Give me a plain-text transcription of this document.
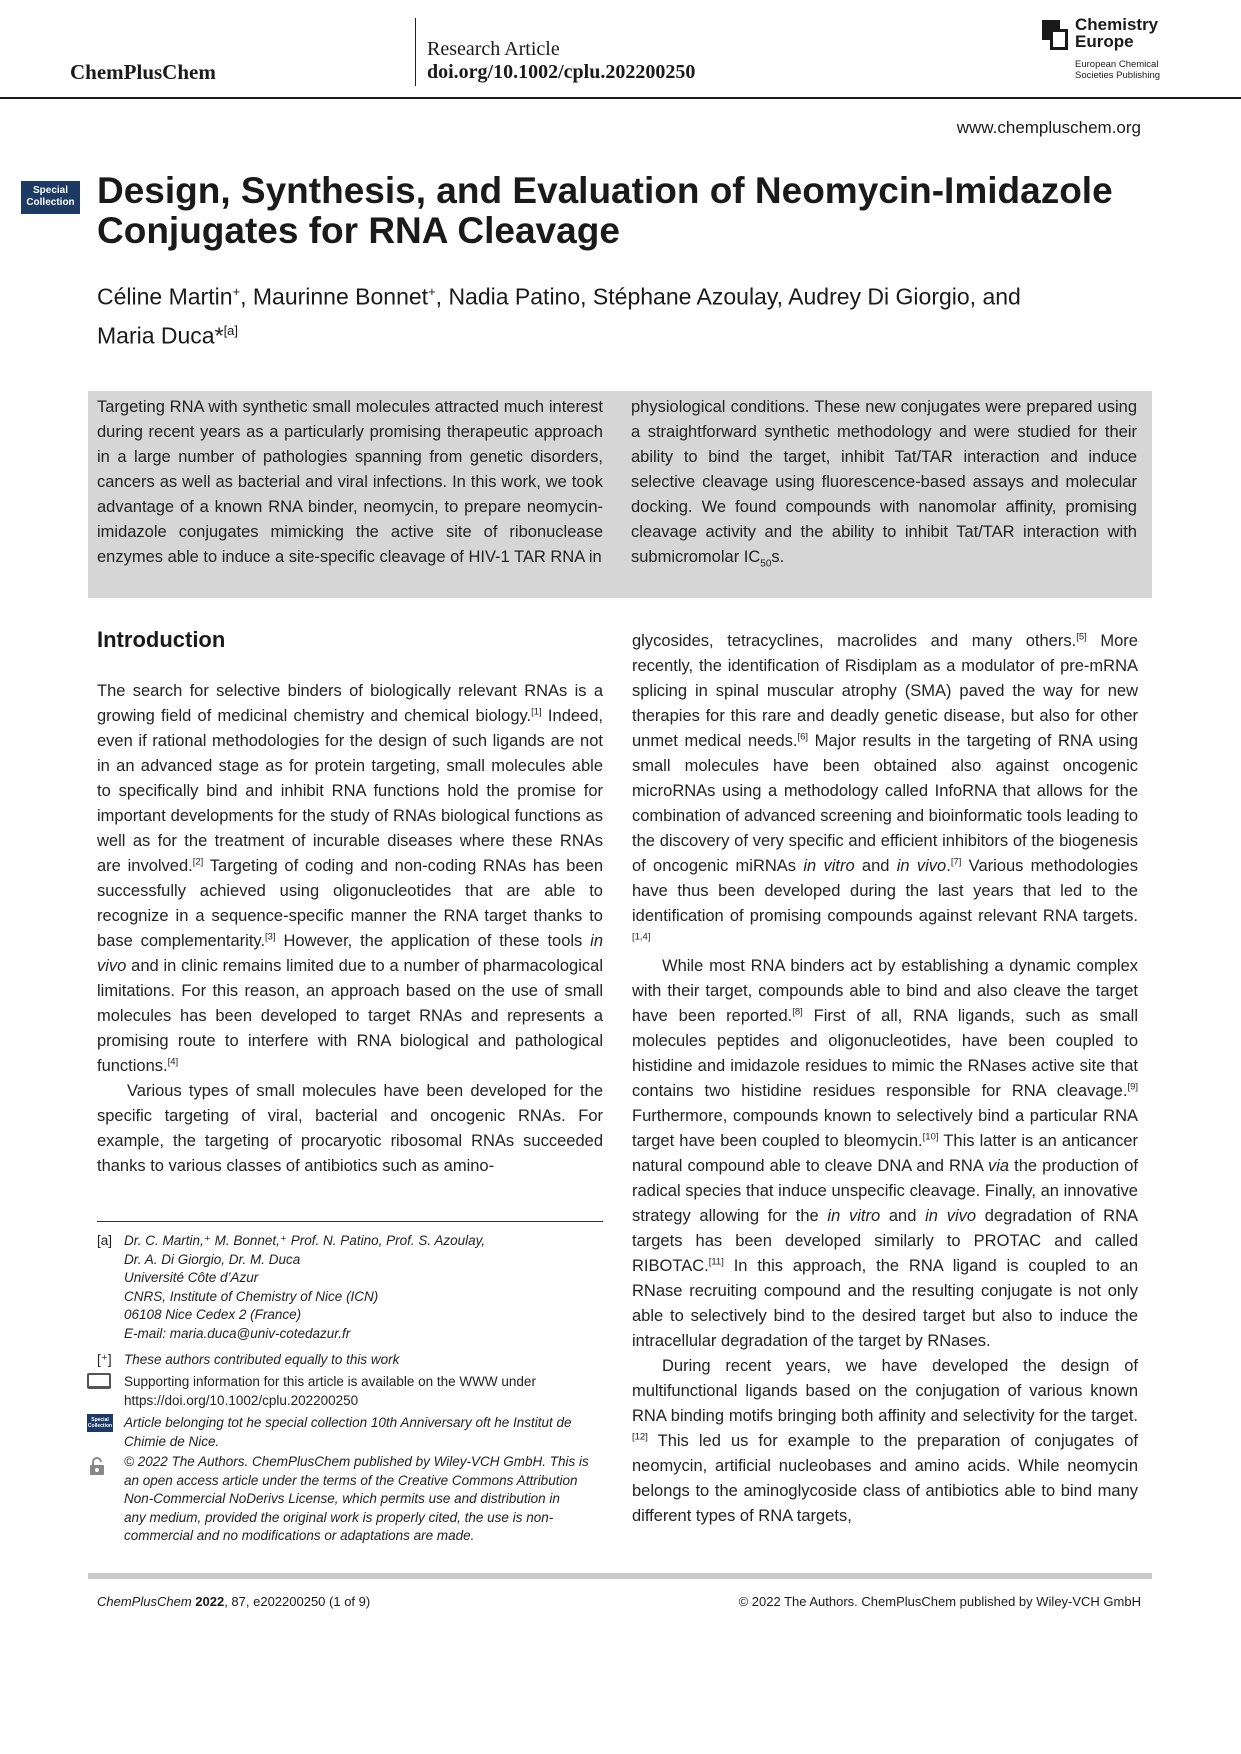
ChemPlusChem
Research Article
doi.org/10.1002/cplu.202200250
Chemistry
Europe
European Chemical
Societies Publishing
www.chempluschem.org
Special
Collection Design, Synthesis, and Evaluation of Neomycin-Imidazole Conjugates for RNA Cleavage
Céline Martin+, Maurinne Bonnet+, Nadia Patino, Stéphane Azoulay, Audrey Di Giorgio, and
Maria Duca*[a]
Targeting RNA with synthetic small molecules attracted much interest during recent years as a particularly promising therapeutic approach in a large number of pathologies spanning from genetic disorders, cancers as well as bacterial and viral infections. In this work, we took advantage of a known RNA binder, neomycin, to prepare neomycin-imidazole conjugates mimicking the active site of ribonuclease enzymes able to induce a site-specific cleavage of HIV-1 TAR RNA in
physiological conditions. These new conjugates were prepared using a straightforward synthetic methodology and were studied for their ability to bind the target, inhibit Tat/TAR interaction and induce selective cleavage using fluorescence-based assays and molecular docking. We found compounds with nanomolar affinity, promising cleavage activity and the ability to inhibit Tat/TAR interaction with submicromolar $IC_{50}s$.
Introduction

The search for selective binders of biologically relevant RNAs is a growing field of medicinal chemistry and chemical biology.[1] Indeed, even if rational methodologies for the design of such ligands are not in an advanced stage as for protein targeting, small molecules able to specifically bind and inhibit RNA functions hold the promise for important developments for the study of RNAs biological functions as well as for the treatment of incurable diseases where these RNAs are involved.[2] Targeting of coding and non-coding RNAs has been successfully achieved using oligonucleotides that are able to recognize in a sequence-specific manner the RNA target thanks to base complementarity.[3] However, the application of these tools in vivo and in clinic remains limited due to a number of pharmacological limitations. For this reason, an approach based on the use of small molecules has been developed to target RNAs and represents a promising route to interfere with RNA biological and pathological functions.[4]

Various types of small molecules have been developed for the specific targeting of viral, bacterial and oncogenic RNAs. For example, the targeting of procaryotic ribosomal RNAs succeeded thanks to various classes of antibiotics such as amino-

glycosides, tetracyclines, macrolides and many others.[5] More recently, the identification of Risdiplam as a modulator of pre-mRNA splicing in spinal muscular atrophy (SMA) paved the way for new therapies for this rare and deadly genetic disease, but also for other unmet medical needs.[6] Major results in the targeting of RNA using small molecules have been obtained also against oncogenic microRNAs using a methodology called InfoRNA that allows for the combination of advanced screening and bioinformatic tools leading to the discovery of very specific and efficient inhibitors of the biogenesis of oncogenic miRNAs in vitro and in vivo.[7] Various methodologies have thus been developed during the last years that led to the identification of promising compounds against relevant RNA targets.[1,4]

While most RNA binders act by establishing a dynamic complex with their target, compounds able to bind and also cleave the target have been reported.[8] First of all, RNA ligands, such as small molecules peptides and oligonucleotides, have been coupled to histidine and imidazole residues to mimic the RNases active site that contains two histidine residues responsible for RNA cleavage.[9] Furthermore, compounds known to selectively bind a particular RNA target have been coupled to bleomycin.[10] This latter is an anticancer natural compound able to cleave DNA and RNA via the production of radical species that induce unspecific cleavage. Finally, an innovative strategy allowing for the in vitro and in vivo degradation of RNA targets has been developed similarly to PROTAC and called RIBOTAC.[11] In this approach, the RNA ligand is coupled to an RNase recruiting compound and the resulting conjugate is not only able to selectively bind to the desired target but also to induce the intracellular degradation of the target by RNases.

During recent years, we have developed the design of multifunctional ligands based on the conjugation of various known RNA binding motifs bringing both affinity and selectivity for the target.[12] This led us for example to the preparation of conjugates of neomycin, artificial nucleobases and amino acids. While neomycin belongs to the aminoglycoside class of antibiotics able to bind many different types of RNA targets,

[a] Dr. C. Martin,⁺ M. Bonnet,⁺ Prof. N. Patino, Prof. S. Azoulay,
Dr. A. Di Giorgio, Dr. M. Duca
Université Côte d’Azur
CNRS, Institute of Chemistry of Nice (ICN)
06108 Nice Cedex 2 (France)
E-mail: maria.duca@univ-cotedazur.fr
[⁺] These authors contributed equally to this work
Supporting information for this article is available on the WWW under
https://doi.org/10.1002/cplu.202200250
Special
Collection Article belonging tot he special collection 10th Anniversary oft he Institut de
Chimie de Nice.
© 2022 The Authors. ChemPlusChem published by Wiley-VCH GmbH. This is
an open access article under the terms of the Creative Commons Attribution
Non-Commercial NoDerivs License, which permits use and distribution in
any medium, provided the original work is properly cited, the use is non-
commercial and no modifications or adaptations are made.
ChemPlusChem 2022, 87, e202200250 (1 of 9)	© 2022 The Authors. ChemPlusChem published by Wiley-VCH GmbH
